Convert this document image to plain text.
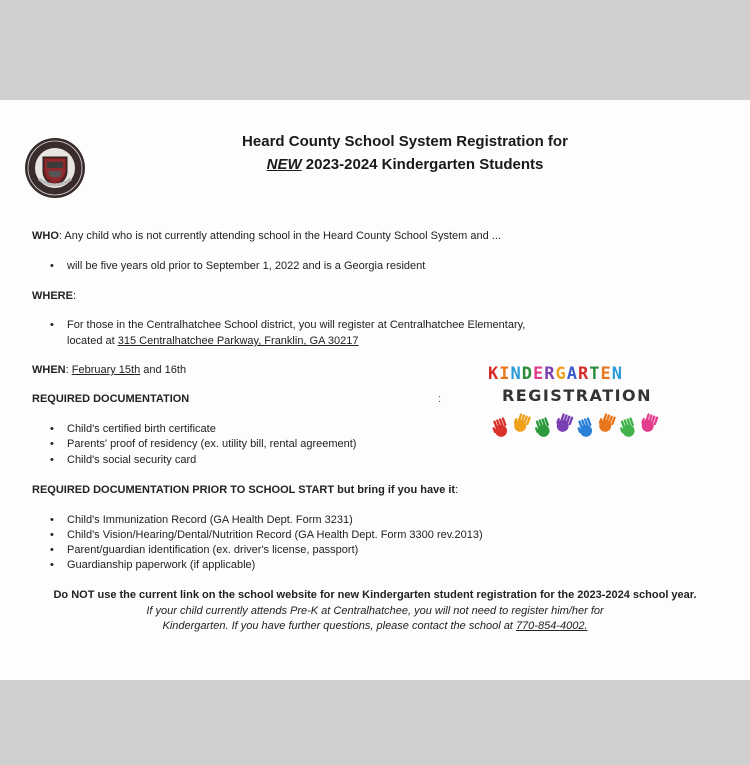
Heard County School System Registration for
NEW 2023-2024 Kindergarten Students
WHO: Any child who is not currently attending school in the Heard County School System and ...
• will be five years old prior to September 1, 2022 and is a Georgia resident
WHERE:
• For those in the Centralhatchee School district, you will register at Centralhatchee Elementary,
located at 315 Centralhatchee Parkway, Franklin, GA 30217
WHEN: February 15th and 16th
REQUIRED DOCUMENTATION	:
• Child's certified birth certificate
• Parents' proof of residency (ex. utility bill, rental agreement)
• Child's social security card
REQUIRED DOCUMENTATION PRIOR TO SCHOOL START but bring if you have it:
• Child's Immunization Record (GA Health Dept. Form 3231)
• Child's Vision/Hearing/Dental/Nutrition Record (GA Health Dept. Form 3300 rev.2013)
• Parent/guardian identification (ex. driver's license, passport)
• Guardianship paperwork (if applicable)
Do NOT use the current link on the school website for new Kindergarten student registration for the 2023-2024 school year.
If your child currently attends Pre-K at Centralhatchee, you will not need to register him/her for
Kindergarten. If you have further questions, please contact the school at 770-854-4002.
KINDERGARTEN
REGISTRATION
